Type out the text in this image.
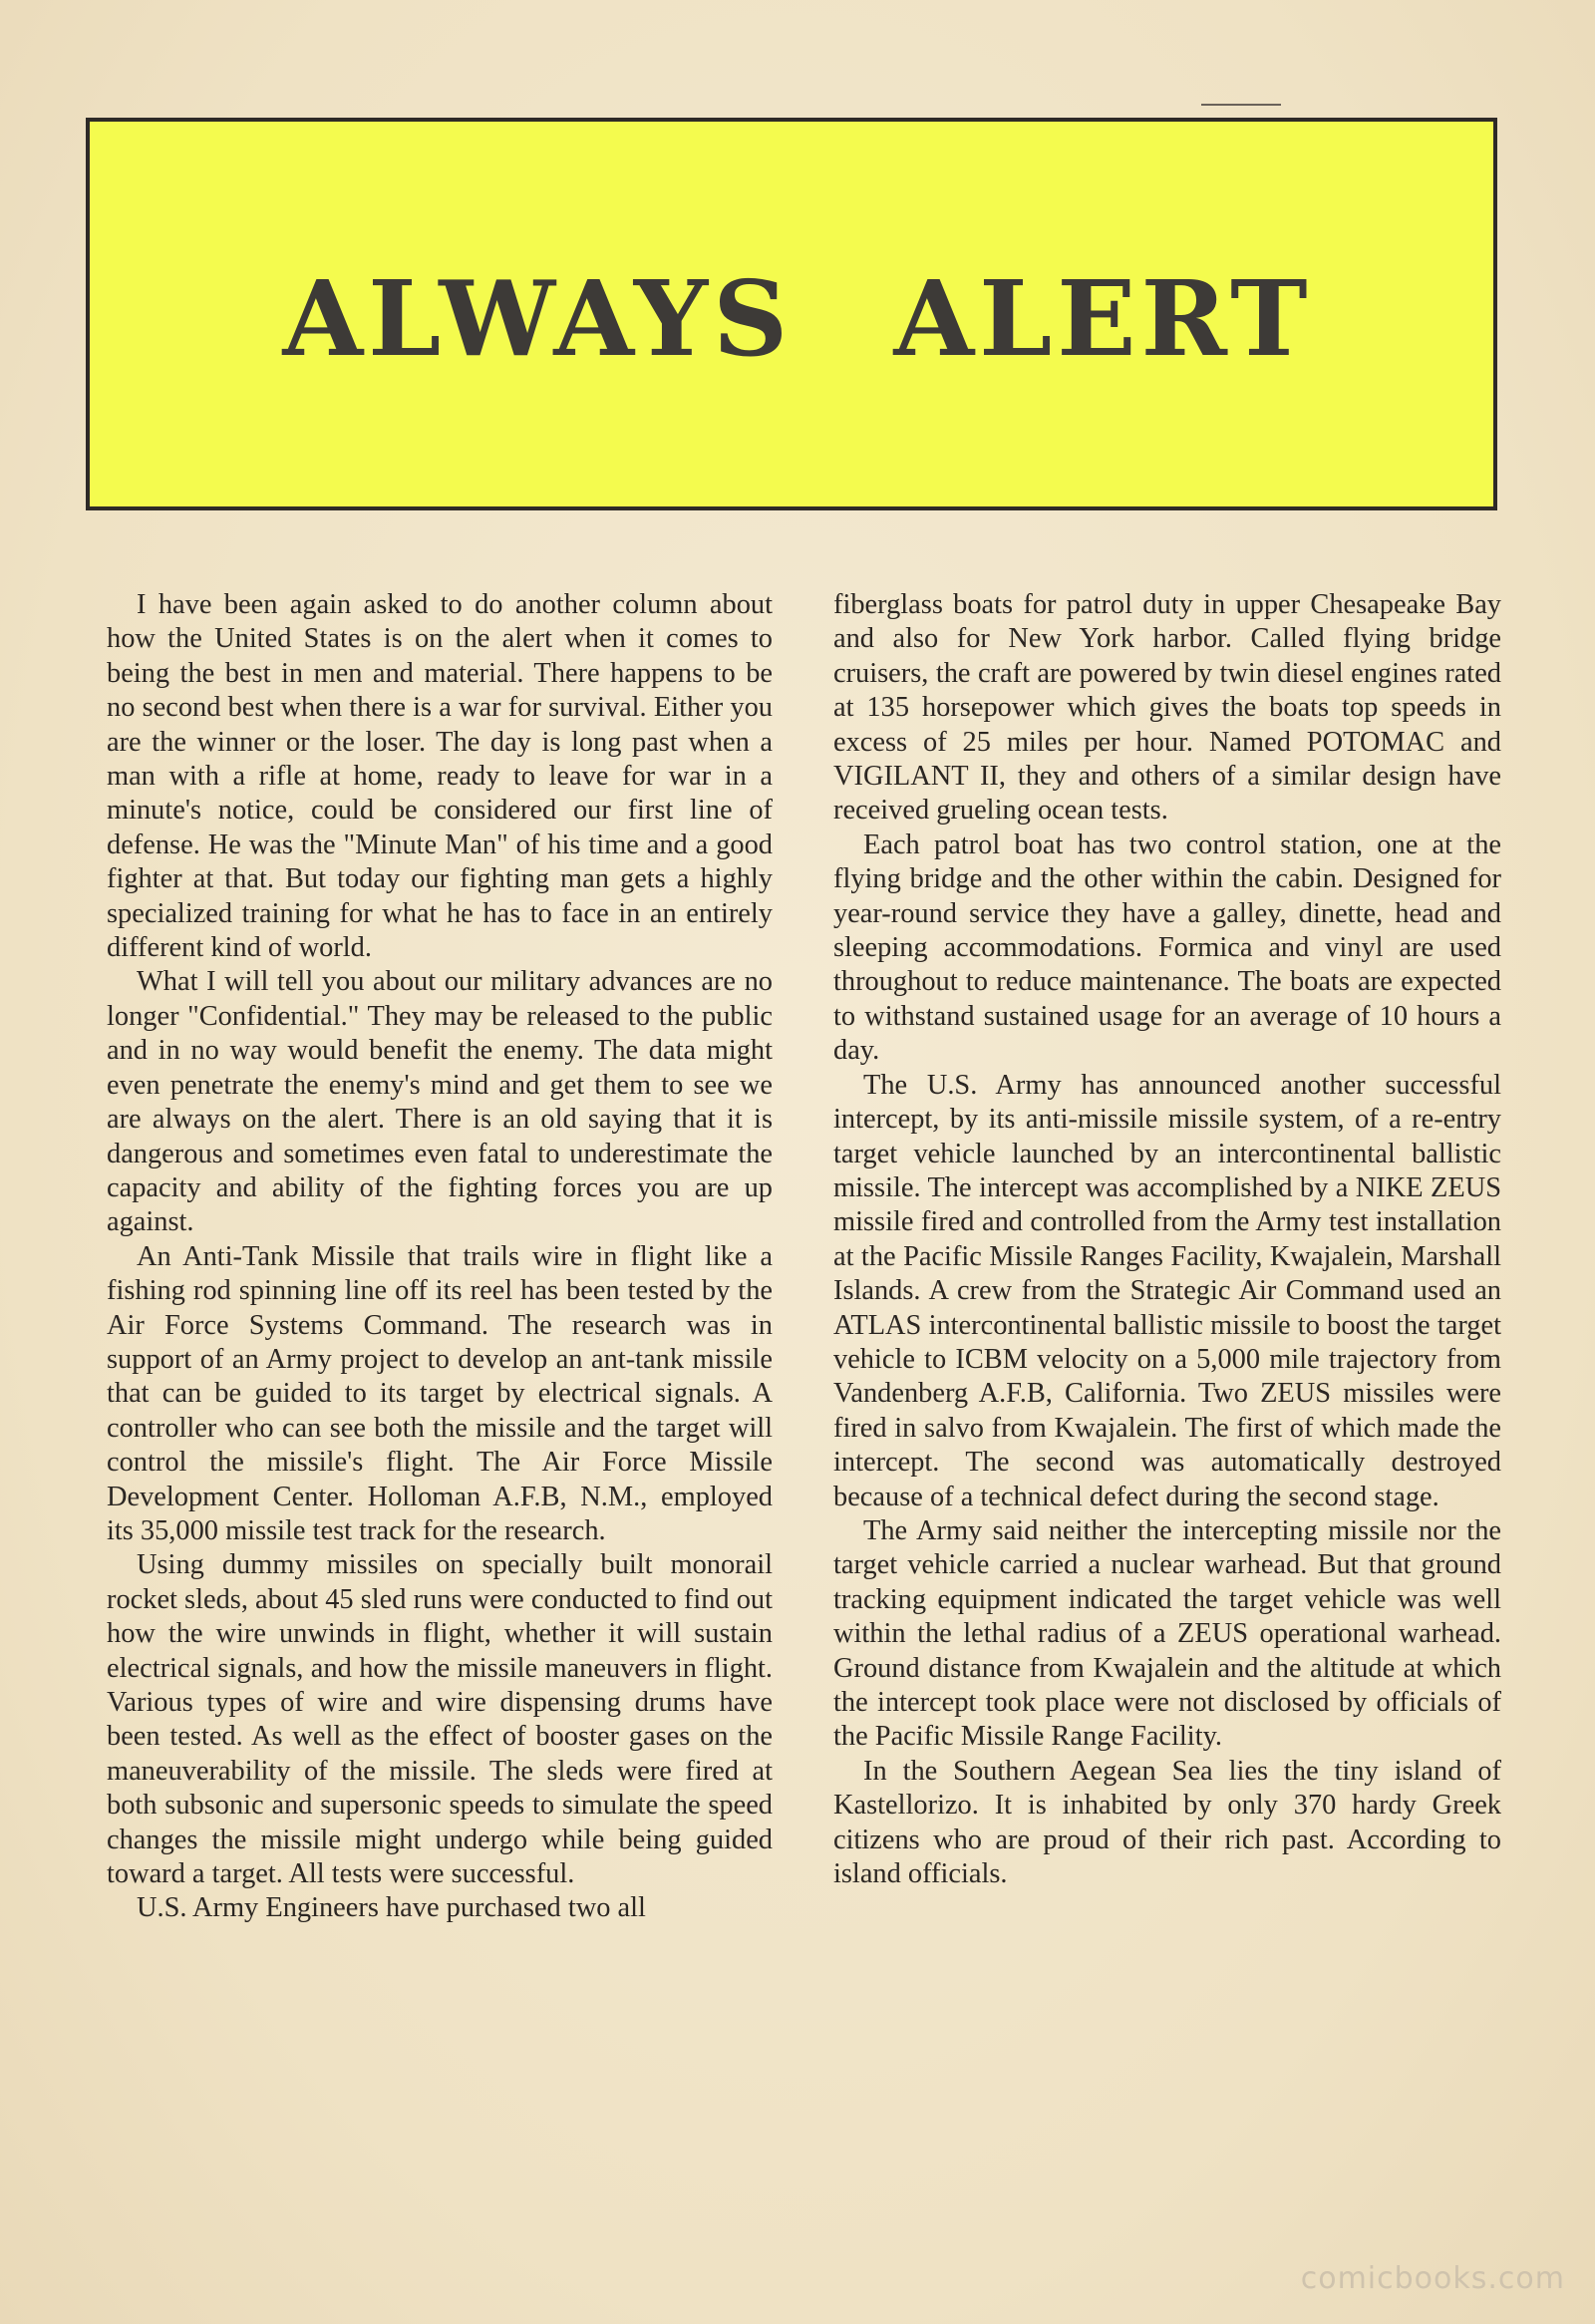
ALWAYS ALERT

I have been again asked to do another column about how the United States is on the alert when it comes to being the best in men and material. There happens to be no second best when there is a war for survival. Either you are the winner or the loser. The day is long past when a man with a rifle at home, ready to leave for war in a minute's notice, could be considered our first line of defense. He was the "Minute Man" of his time and a good fighter at that. But today our fighting man gets a highly specialized training for what he has to face in an entirely different kind of world.

What I will tell you about our military advances are no longer "Confidential." They may be released to the public and in no way would benefit the enemy. The data might even penetrate the enemy's mind and get them to see we are always on the alert. There is an old saying that it is dangerous and sometimes even fatal to underestimate the capacity and ability of the fighting forces you are up against.

An Anti-Tank Missile that trails wire in flight like a fishing rod spinning line off its reel has been tested by the Air Force Systems Command. The research was in support of an Army project to develop an ant-tank missile that can be guided to its target by electrical signals. A controller who can see both the missile and the target will control the missile's flight. The Air Force Missile Development Center. Holloman A.F.B, N.M., employed its 35,000 missile test track for the research.

Using dummy missiles on specially built monorail rocket sleds, about 45 sled runs were conducted to find out how the wire unwinds in flight, whether it will sustain electrical signals, and how the missile maneuvers in flight. Various types of wire and wire dispensing drums have been tested. As well as the effect of booster gases on the maneuverability of the missile. The sleds were fired at both subsonic and supersonic speeds to simulate the speed changes the missile might undergo while being guided toward a target. All tests were successful.

U.S. Army Engineers have purchased two all

fiberglass boats for patrol duty in upper Chesapeake Bay and also for New York harbor. Called flying bridge cruisers, the craft are powered by twin diesel engines rated at 135 horsepower which gives the boats top speeds in excess of 25 miles per hour. Named POTOMAC and VIGILANT II, they and others of a similar design have received grueling ocean tests.

Each patrol boat has two control station, one at the flying bridge and the other within the cabin. Designed for year-round service they have a galley, dinette, head and sleeping accommodations. Formica and vinyl are used throughout to reduce maintenance. The boats are expected to withstand sustained usage for an average of 10 hours a day.

The U.S. Army has announced another successful intercept, by its anti-missile missile system, of a re-entry target vehicle launched by an intercontinental ballistic missile. The intercept was accomplished by a NIKE ZEUS missile fired and controlled from the Army test installation at the Pacific Missile Ranges Facility, Kwajalein, Marshall Islands. A crew from the Strategic Air Command used an ATLAS intercontinental ballistic missile to boost the target vehicle to ICBM velocity on a 5,000 mile trajectory from Vandenberg A.F.B, California. Two ZEUS missiles were fired in salvo from Kwajalein. The first of which made the intercept. The second was automatically destroyed because of a technical defect during the second stage.

The Army said neither the intercepting missile nor the target vehicle carried a nuclear warhead. But that ground tracking equipment indicated the target vehicle was well within the lethal radius of a ZEUS operational warhead. Ground distance from Kwajalein and the altitude at which the intercept took place were not disclosed by officials of the Pacific Missile Range Facility.

In the Southern Aegean Sea lies the tiny island of Kastellorizo. It is inhabited by only 370 hardy Greek citizens who are proud of their rich past. According to island officials.

comicbooks.com
